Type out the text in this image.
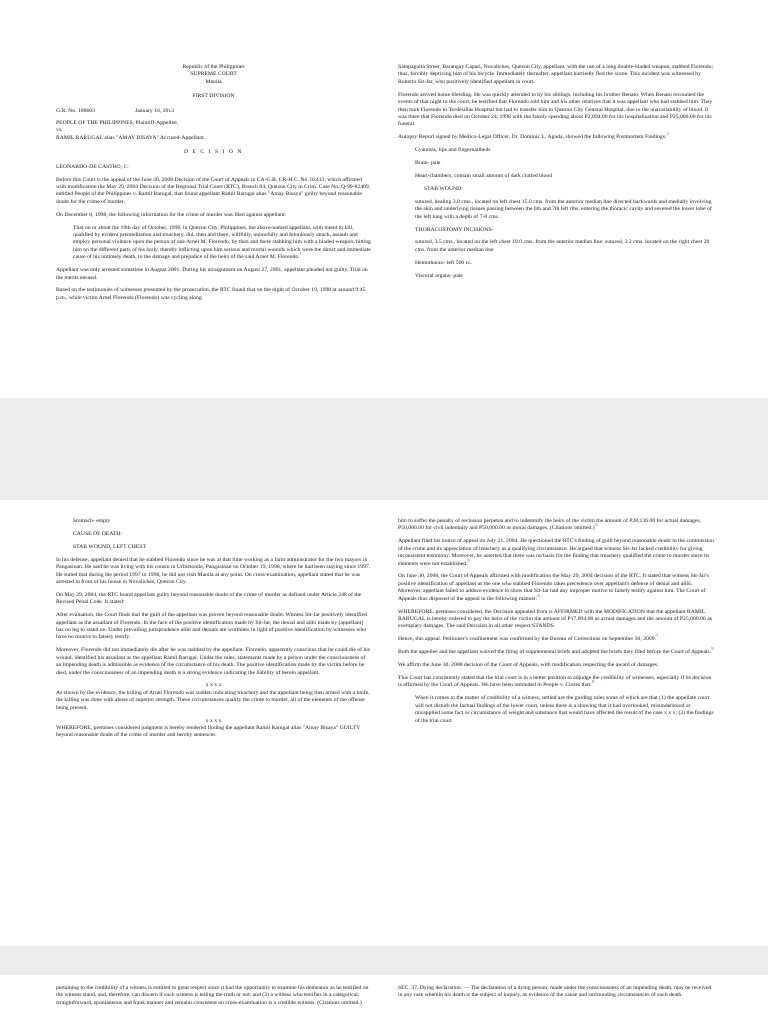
Republic of the Philippines

SUPREME COURT

Manila

FIRST DIVISION

G.R. No. 188603	January 16, 2013

PEOPLE OF THE PHILIPPINES, Plaintiff-Appellee,

vs.

RAMIL RARUGAL alias "AMAY BISAYA" Accused-Appellant.

D E C I S I O N

LEONARDO-DE CASTRO, J.:

Before this Court is the appeal of the June 30, 2008 Decision of the Court of Appeals in CA-G.R. CR-H.C. No. 02413, which affirmed with modification the May 29, 2004 Decision of the Regional Trial Court (RTC), Branch 84, Quezon City in Crim. Case No. Q-99-82409, entitled People of the Philippines v. Ramil Rarugal, that found appellant Ramil Rarugal alias "Amay Bisaya" guilty beyond reasonable doubt for the crime of murder.

On December 8, 1998, the following information for the crime of murder was filed against appellant:

That on or about the 19th day of October, 1998, in Quezon City, Philippines, the above-named appellant, with intent to kill, qualified by evident premeditation and treachery, did, then and there, willfully, unlawfully and feloniously attack, assault and employ personal violence upon the person of one Arnel M. Florendo, by then and there stabbing him with a bladed weapon, hitting him on the different parts of his body, thereby inflicting upon him serious and mortal wounds which were the direct and immediate cause of his untimely death, to the damage and prejudice of the heirs of the said Arnel M. Florendo.$^1$

Appellant was only arrested sometime in August 2001. During his arraignment on August 27, 2001, appellant pleaded not guilty. Trial on the merits ensued.

Based on the testimonies of witnesses presented by the prosecution, the RTC found that on the night of October 19, 1998 at around 9:45 p.m., while victim Arnel Florendo (Florendo) was cycling along

Sampaguita Street, Barangay Capari, Novaliches, Quezon City, appellant, with the use of a long double-bladed weapon, stabbed Florendo; thus, forcibly depriving him of his bicycle. Immediately thereafter, appellant hurriedly fled the scene. This incident was witnessed by Roberto Sit-Jar, who positively identified appellant in court.

Florendo arrived home bleeding. He was quickly attended to by his siblings, including his brother Renato. When Renato recounted the events of that night to the court, he testified that Florendo told him and his other relatives that it was appellant who had stabbed him. They then took Florendo to Tordesillas Hospital but had to transfer him to Quezon City General Hospital, due to the unavailability of blood. It was there that Florendo died on October 24, 1998 with the family spending about P2,894.00 for his hospitalization and P25,000.00 for his funeral.

Autopsy Report signed by Medico-Legal Officer, Dr. Dominic L. Aguda, showed the following Postmortem Findings:$^3$

Cyanosis, lips and fingernailbeds

Brain- pale

Heart-chambers, contain small amount of dark clotted blood

STAB WOUND:

sutured, healing 3.0 cms., located on left chest 15.0 cms. from the anterior median line directed backwards and medially involving the skin and underlying tissues passing between the 6th and 7th left ribs, entering the thoracic cavity and severed the lower lobe of the left lung with a depth of 7-8 cms.

THORACOSTOMY INCISIONS-

sutured, 3.5 cms., located on the left chest 19.0 cms. from the anterior median line; sutured, 3.2 cms. located on the right chest 20 cms. from the anterior median line

Hemothorax- left 500 cc.

Visceral organs- pale

Stomach- empty

CAUSE OF DEATH:

STAB WOUND, LEFT CHEST

In his defense, appellant denied that he stabbed Florendo since he was at that time working as a farm administrator for the two mayors in Pangasinan. He said he was living with his cousin in Urbiztondo, Pangasinan on October 19, 1998, where he had been staying since 1997. He stated that during the period 1997 to 1998, he did not visit Manila at any point. On cross-examination, appellant stated that he was arrested in front of his house in Novaliches, Quezon City.

On May 29, 2004, the RTC found appellant guilty beyond reasonable doubt of the crime of murder as defined under Article 248 of the Revised Penal Code. It stated:

After evaluation, the Court finds that the guilt of the appellant was proven beyond reasonable doubt. Witness Sit-Jar positively identified appellant as the assailant of Florendo. In the face of the positive identification made by Sit-Jar, the denial and alibi made by [appellant] has no leg to stand on. Under prevailing jurisprudence alibi and denials are worthless in light of positive identification by witnesses who have no motive to falsely testify.

Moreover, Florendo did not immediately die after he was stabbed by the appellant. Florendo, apparently conscious that he could die of his wound, identified his assailant as the appellant Ramil Rarugal. Under the rules, statements made by a person under the consciousness of an impending death is admissible as evidence of the circumstance of his death. The positive identification made by the victim before he died, under the consciousness of an impending death is a strong evidence indicating the liability of herein appellant.

x x x x

As shown by the evidence, the killing of Arnel Florendo was sudden indicating treachery and the appellant being then armed with a knife, the killing was done with abuse of superior strength. These circumstances qualify the crime to murder, all of the elements of the offense being present.

x x x x

WHEREFORE, premises considered judgment is hereby rendered finding the appellant Ramil Rarugal alias "Amay Bisaya" GUILTY beyond reasonable doubt of the crime of murder and hereby sentences

him to suffer the penalty of reclusion perpetua and to indemnify the heirs of the victim the amount of P28,136.00 for actual damages, P50,000.00 for civil indemnity and P50,000.00 as moral damages. (Citations omitted.)$^4$

Appellant filed his notice of appeal on July 21, 2004. He questioned the RTC's finding of guilt beyond reasonable doubt in the commission of the crime and its appreciation of treachery as a qualifying circumstance. He argued that witness Sit-Jar lacked credibility for giving inconsistent testimony. Moreover, he asserted that there was no basis for the finding that treachery qualified the crime to murder since its elements were not established.$^5$

On June 30, 2008, the Court of Appeals affirmed with modification the May 29, 2004 decision of the RTC. It stated that witness Sit-Jar's positive identification of appellant as the one who stabbed Florendo takes precedence over appellant's defense of denial and alibi. Moreover, appellant failed to adduce evidence to show that Sit-Jar had any improper motive to falsely testify against him. The Court of Appeals thus disposed of the appeal in the following manner:$^6$

WHEREFORE, premises considered, the Decision appealed from is AFFIRMED with the MODIFICATION that the appellant RAMIL RARUGAL is hereby ordered to pay the heirs of the victim the amount of P17,894.00 as actual damages and the amount of P25,000.00 as exemplary damages. The said Decision in all other respect STANDS.

Hence, this appeal. Petitioner's confinement was confirmed by the Bureau of Corrections on September 30, 2009.$^7$

Both the appellee and the appellant waived the filing of supplemental briefs and adopted the briefs they filed before the Court of Appeals.$^8$

We affirm the June 30, 2008 decision of the Court of Appeals, with modification respecting the award of damages.

This Court has consistently stated that the trial court is in a better position to adjudge the credibility of witnesses, especially if its decision is affirmed by the Court of Appeals. We have been reminded in People v. Clores that:$^9$

When it comes to the matter of credibility of a witness, settled are the guiding rules some of which are that (1) the appellate court will not disturb the factual findings of the lower court, unless there is a showing that it had overlooked, misunderstood or misapplied some fact or circumstance of weight and substance that would have affected the result of the case x x x; (2) the findings of the trial court

pertaining to the credibility of a witness is entitled to great respect since it had the opportunity to examine his demeanor as he testified on the witness stand, and, therefore, can discern if such witness is telling the truth or not; and (3) a witness who testifies in a categorical, straightforward, spontaneous and frank manner and remains consistent on cross-examination is a credible witness. (Citations omitted.)

SEC. 37. Dying declaration. — The declaration of a dying person, made under the consciousness of an impending death, may be received in any case wherein his death is the subject of inquiry, as evidence of the cause and surrounding circumstances of such death.
